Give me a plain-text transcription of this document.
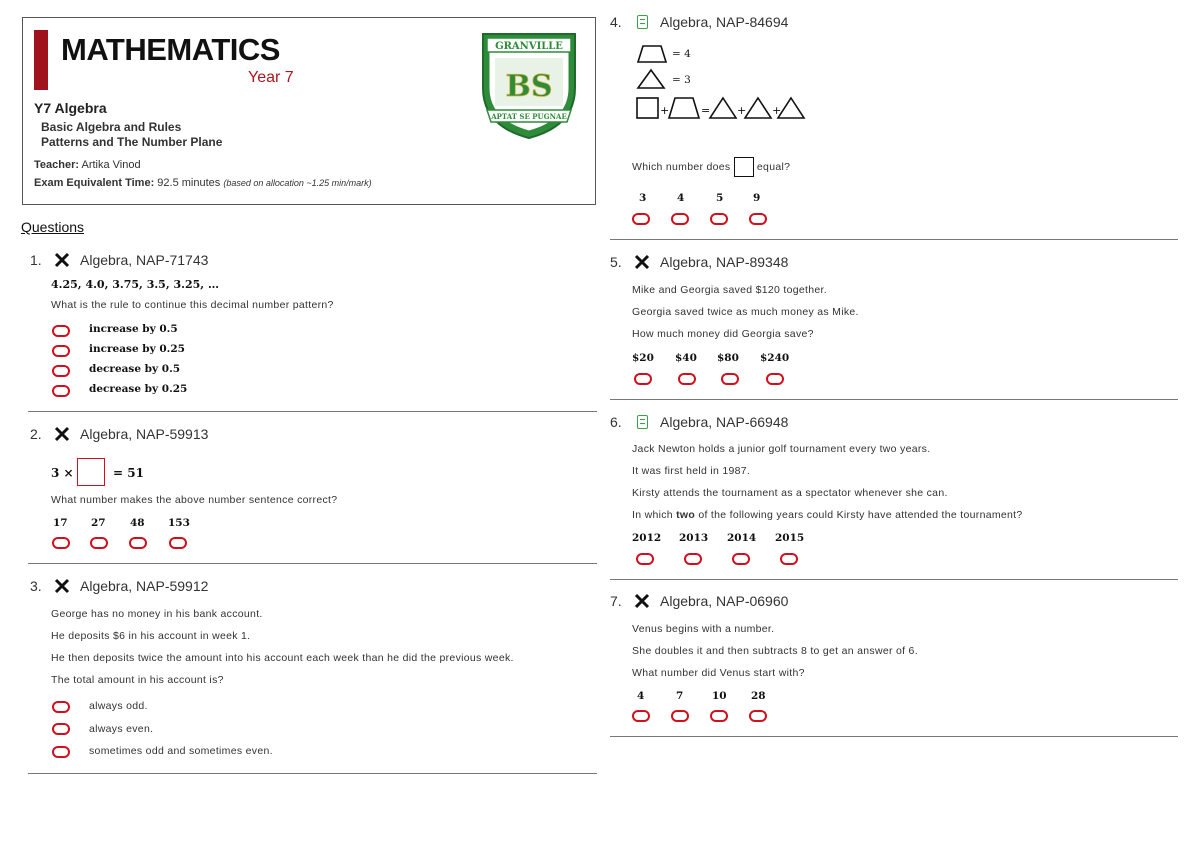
MATHEMATICS
Year 7
Y7 Algebra
Basic Algebra and Rules
Patterns and The Number Plane
Teacher: Artika Vinod
Exam Equivalent Time: 92.5 minutes (based on allocation ~1.25 min/mark)
GRANVILLE
BS
APTAT SE PUGNAE
Questions
1.	Algebra, NAP-71743
4.25, 4.0, 3.75, 3.5, 3.25, …
What is the rule to continue this decimal number pattern?
increase by 0.5
increase by 0.25
decrease by 0.5
decrease by 0.25
2.	Algebra, NAP-59913
3 ×	= 51
What number makes the above number sentence correct?
17 27 48 153
3.	Algebra, NAP-59912
George has no money in his bank account.
He deposits $6 in his account in week 1.
He then deposits twice the amount into his account each week than he did the previous week.
The total amount in his account is?
always odd.
always even.
sometimes odd and sometimes even.
4.	Algebra, NAP-84694
= 4
= 3
+	= + +
Which number does	equal?
3	4	5	9
5.	Algebra, NAP-89348
Mike and Georgia saved $120 together.
Georgia saved twice as much money as Mike.
How much money did Georgia save?
$20 $40 $80 $240
6.	Algebra, NAP-66948
Jack Newton holds a junior golf tournament every two years.
It was first held in 1987.
Kirsty attends the tournament as a spectator whenever she can.
In which two of the following years could Kirsty have attended the tournament?
2012 2013 2014 2015
7.	Algebra, NAP-06960
Venus begins with a number.
She doubles it and then subtracts 8 to get an answer of 6.
What number did Venus start with?
4	7	10 28
